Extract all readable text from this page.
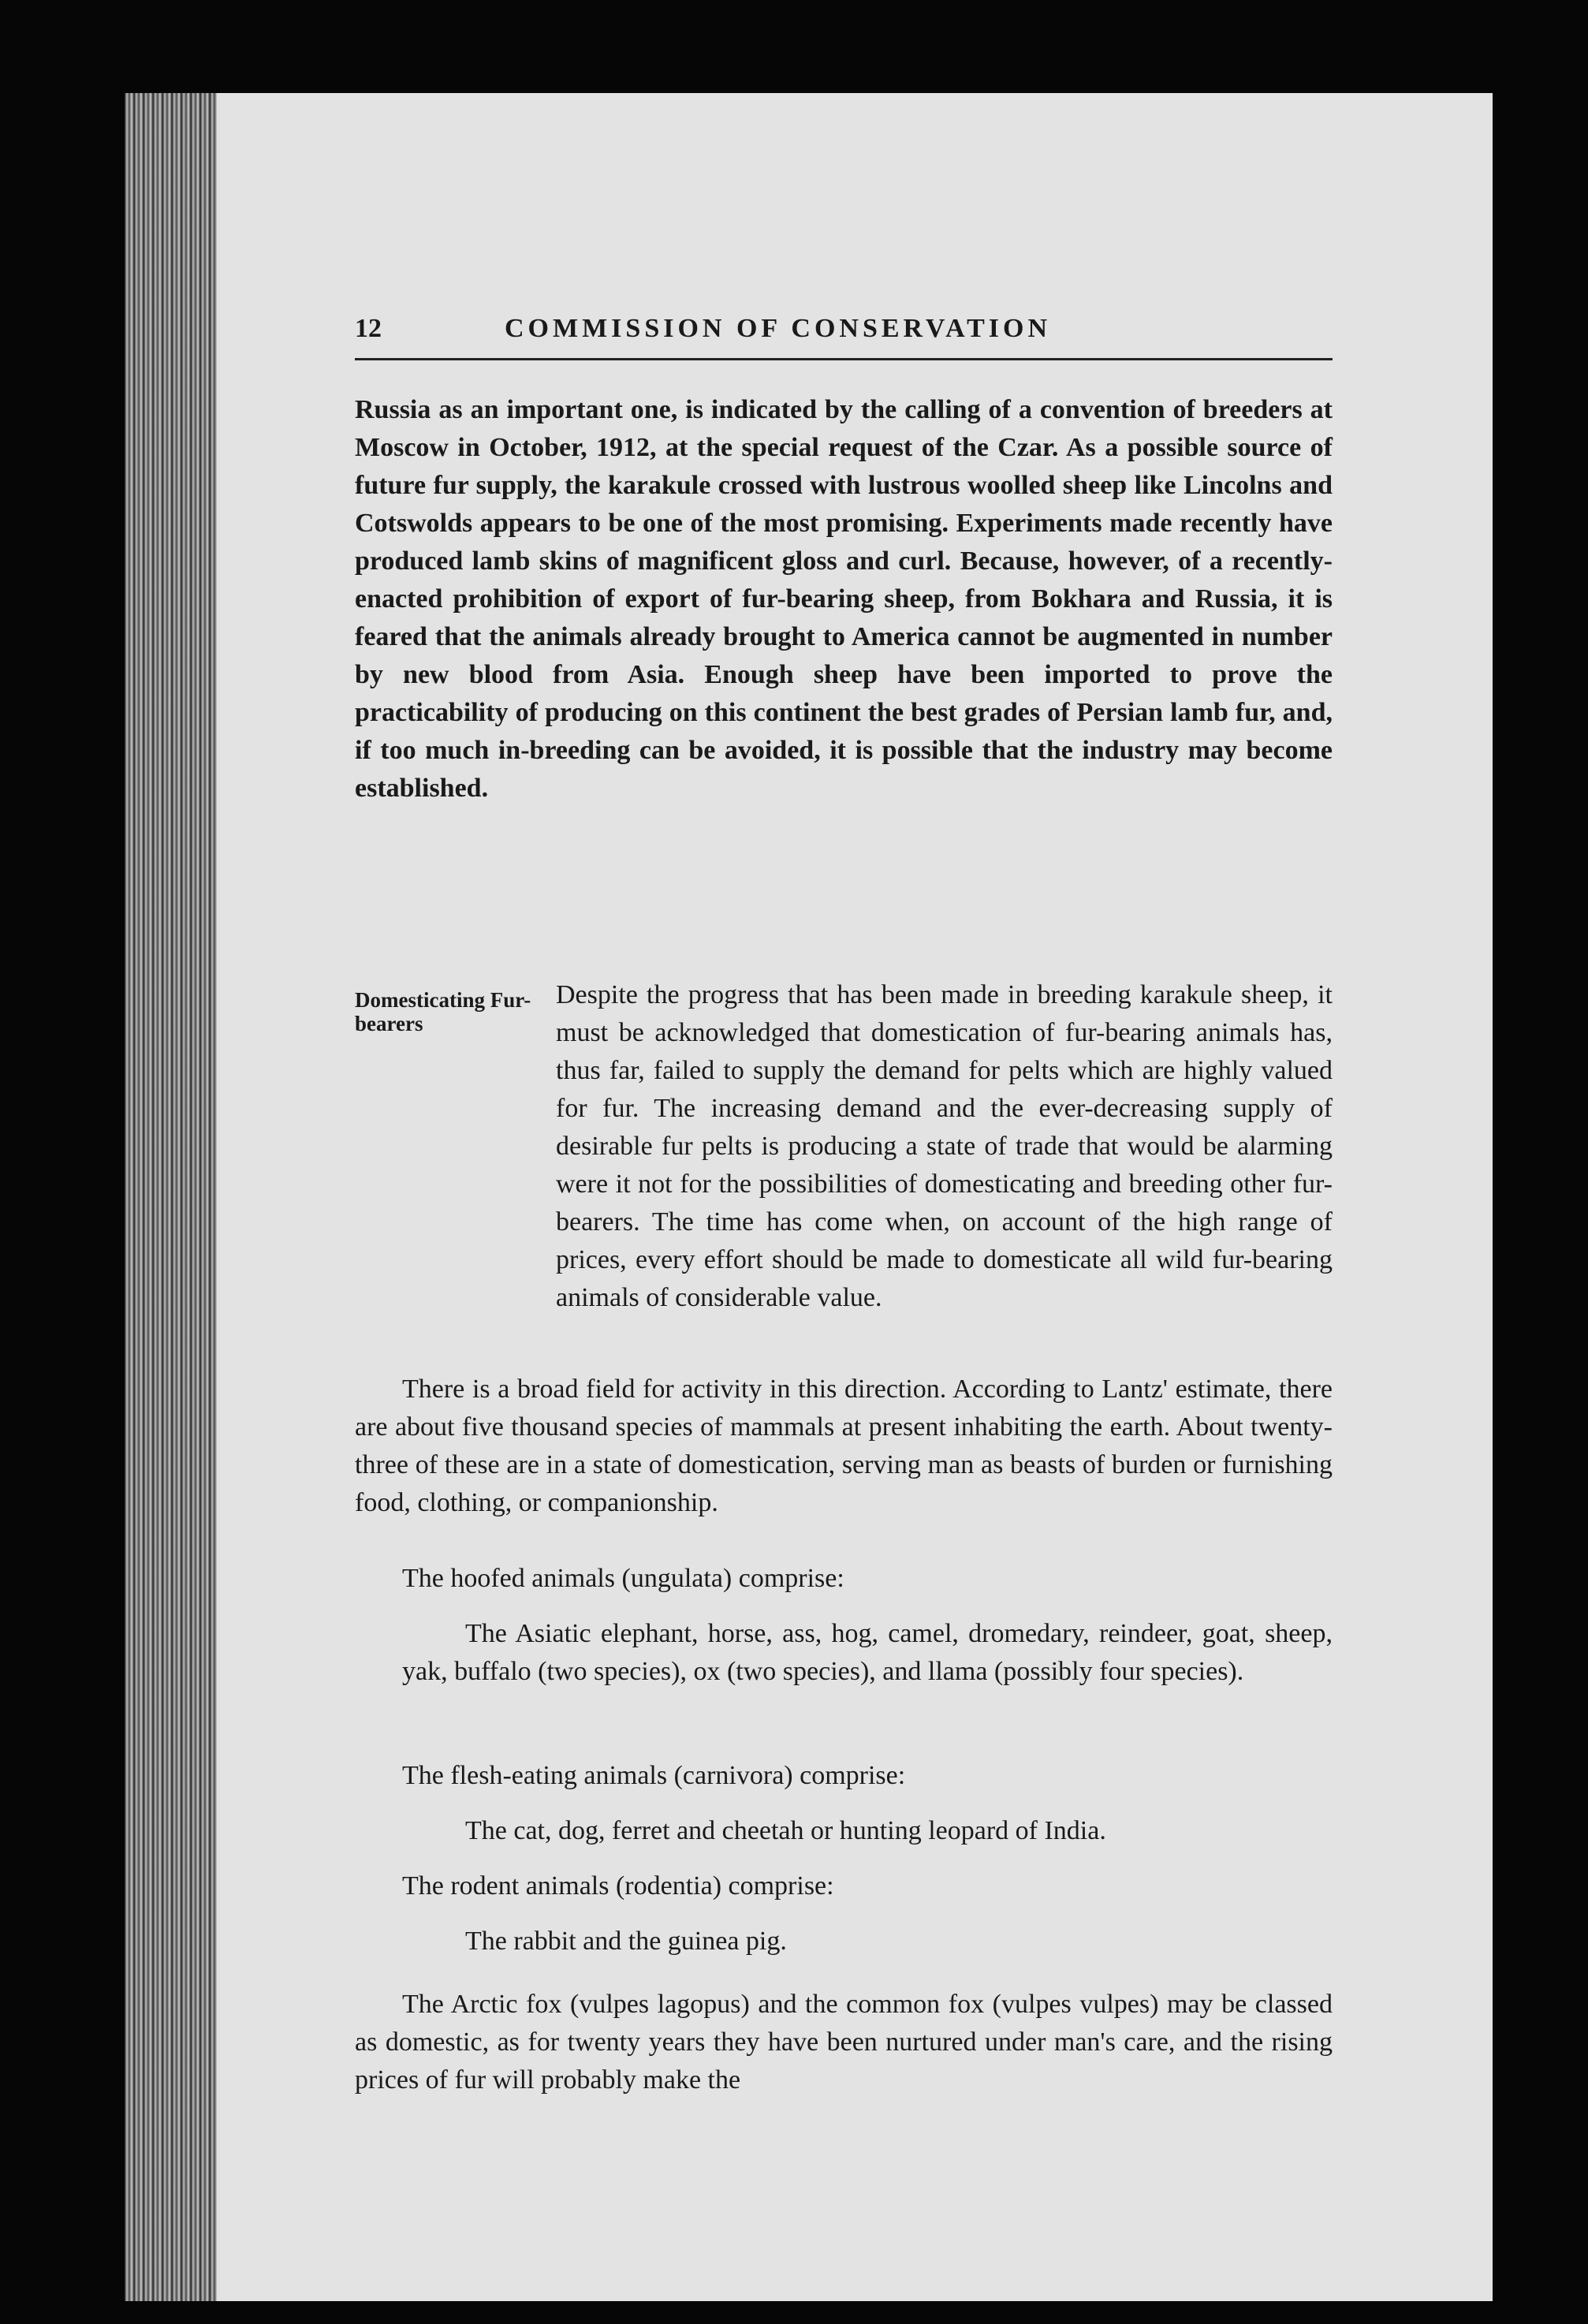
12	COMMISSION OF CONSERVATION
Russia as an important one, is indicated by the calling of a convention of breeders at Moscow in October, 1912, at the special request of the Czar. As a possible source of future fur supply, the karakule crossed with lustrous woolled sheep like Lincolns and Cotswolds appears to be one of the most promising. Experiments made recently have produced lamb skins of magnificent gloss and curl. Because, however, of a recently-enacted prohibition of export of fur-bearing sheep, from Bokhara and Russia, it is feared that the animals already brought to America cannot be augmented in number by new blood from Asia. Enough sheep have been imported to prove the practicability of producing on this continent the best grades of Persian lamb fur, and, if too much in-breeding can be avoided, it is possible that the industry may become established.
Domesticating Fur-bearers
Despite the progress that has been made in breeding karakule sheep, it must be acknowledged that domestication of fur-bearing animals has, thus far, failed to supply the demand for pelts which are highly valued for fur. The increasing demand and the ever-decreasing supply of desirable fur pelts is producing a state of trade that would be alarming were it not for the possibilities of domesticating and breeding other fur-bearers. The time has come when, on account of the high range of prices, every effort should be made to domesticate all wild fur-bearing animals of considerable value.
There is a broad field for activity in this direction. According to Lantz' estimate, there are about five thousand species of mammals at present inhabiting the earth. About twenty-three of these are in a state of domestication, serving man as beasts of burden or furnishing food, clothing, or companionship.
The hoofed animals (ungulata) comprise:
The Asiatic elephant, horse, ass, hog, camel, dromedary, reindeer, goat, sheep, yak, buffalo (two species), ox (two species), and llama (possibly four species).
The flesh-eating animals (carnivora) comprise:
The cat, dog, ferret and cheetah or hunting leopard of India.
The rodent animals (rodentia) comprise:
The rabbit and the guinea pig.
The Arctic fox (vulpes lagopus) and the common fox (vulpes vulpes) may be classed as domestic, as for twenty years they have been nurtured under man's care, and the rising prices of fur will probably make the
